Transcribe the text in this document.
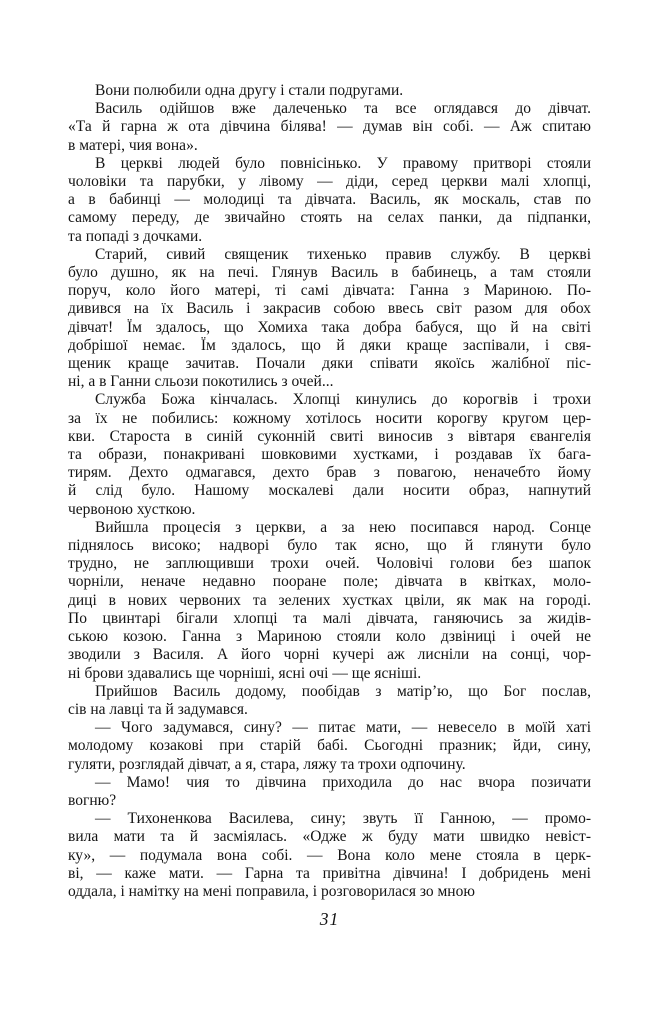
Вони полюбили одна другу і стали подругами.
Василь одійшов вже далеченько та все оглядався до дівчат.
«Та й гарна ж ота дівчина білява! — думав він собі. — Аж спитаю
в матері, чия вона».
В церкві людей було повнісінько. У правому притворі стояли
чоловіки та парубки, у лівому — діди, серед церкви малі хлопці,
а в бабинці — молодиці та дівчата. Василь, як москаль, став по
самому переду, де звичайно стоять на селах панки, да підпанки,
та попаді з дочками.
Старий, сивий священик тихенько правив службу. В церкві
було душно, як на печі. Глянув Василь в бабинець, а там стояли
поруч, коло його матері, ті самі дівчата: Ганна з Мариною. По-
дивився на їх Василь і закрасив собою ввесь світ разом для обох
дівчат! Їм здалось, що Хомиха така добра бабуся, що й на світі
добрішої немає. Їм здалось, що й дяки краще заспівали, і свя-
щеник краще зачитав. Почали дяки співати якоїсь жалібної піс-
ні, а в Ганни сльози покотились з очей...
Служба Божа кінчалась. Хлопці кинулись до корогвів і трохи
за їх не побились: кожному хотілось носити корогву кругом цер-
кви. Староста в синій суконній свиті виносив з вівтаря євангелія
та образи, понакривані шовковими хустками, і роздавав їх бага-
тирям. Дехто одмагався, дехто брав з повагою, неначебто йому
й слід було. Нашому москалеві дали носити образ, напнутий
червоною хусткою.
Вийшла процесія з церкви, а за нею посипався народ. Сонце
піднялось високо; надворі було так ясно, що й глянути було
трудно, не заплющивши трохи очей. Чоловічі голови без шапок
чорніли, неначе недавно пооране поле; дівчата в квітках, моло-
диці в нових червоних та зелених хустках цвіли, як мак на городі.
По цвинтарі бігали хлопці та малі дівчата, ганяючись за жидів-
ською козою. Ганна з Мариною стояли коло дзвіниці і очей не
зводили з Василя. А його чорні кучері аж лисніли на сонці, чор-
ні брови здавались ще чорніші, ясні очі — ще ясніші.
Прийшов Василь додому, пообідав з матір’ю, що Бог послав,
сів на лавці та й задумався.
— Чого задумався, сину? — питає мати, — невесело в моїй хаті
молодому козакові при старій бабі. Сьогодні празник; йди, сину,
гуляти, розглядай дівчат, а я, стара, ляжу та трохи одпочину.
— Мамо! чия то дівчина приходила до нас вчора позичати
вогню?
— Тихоненкова Василева, сину; звуть її Ганною, — промо-
вила мати та й засміялась. «Одже ж буду мати швидко невіст-
ку», — подумала вона собі. — Вона коло мене стояла в церк-
ві, — каже мати. — Гарна та привітна дівчина! І добридень мені
оддала, і намітку на мені поправила, і розговорилася зо мною
31
